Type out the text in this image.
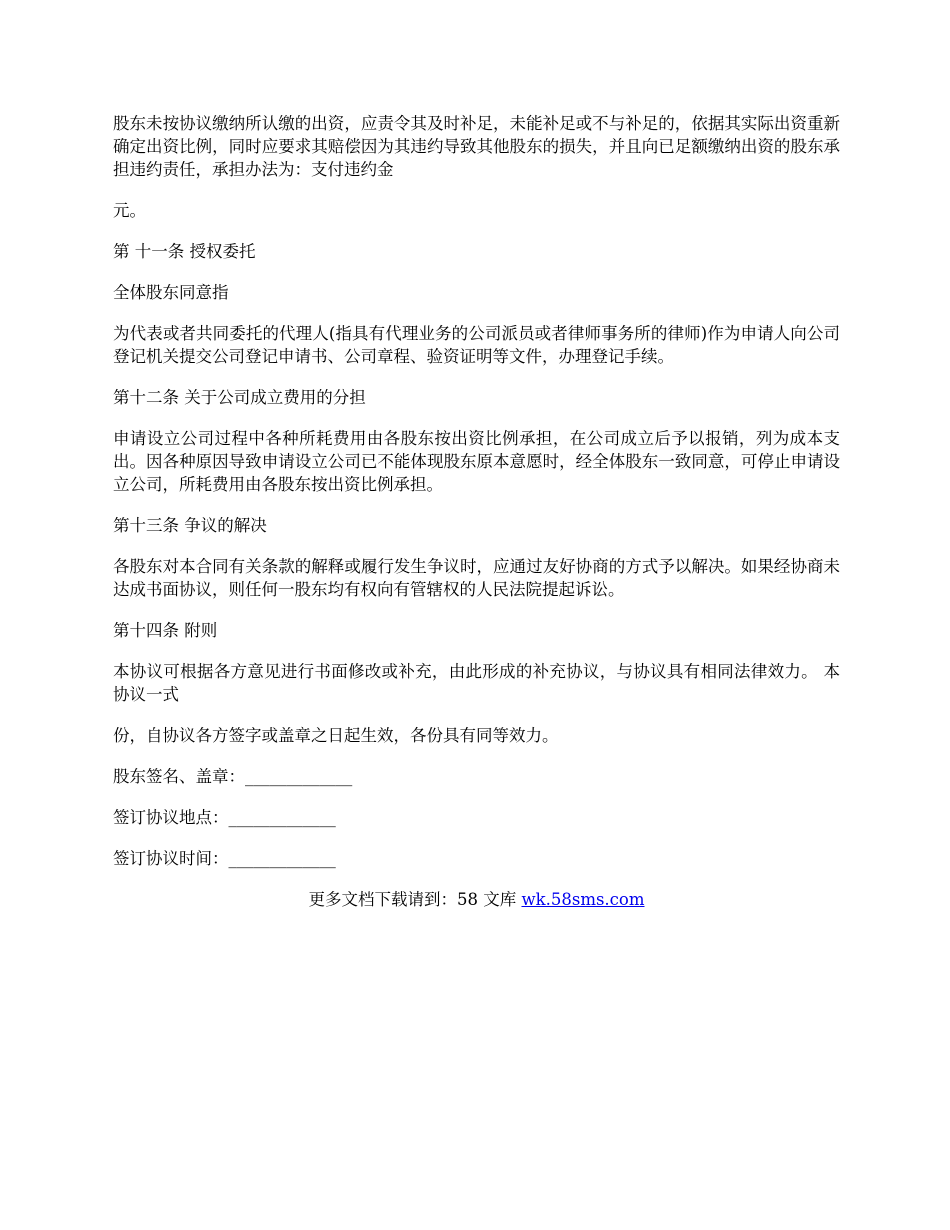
股东未按协议缴纳所认缴的出资，应责令其及时补足，未能补足或不与补足的，依据其实际出资重新确定出资比例，同时应要求其赔偿因为其违约导致其他股东的损失，并且向已足额缴纳出资的股东承担违约责任，承担办法为：支付违约金

元。

第 十一条 授权委托

全体股东同意指

为代表或者共同委托的代理人(指具有代理业务的公司派员或者律师事务所的律师)作为申请人向公司登记机关提交公司登记申请书、公司章程、验资证明等文件，办理登记手续。

第十二条 关于公司成立费用的分担

申请设立公司过程中各种所耗费用由各股东按出资比例承担，在公司成立后予以报销，列为成本支出。因各种原因导致申请设立公司已不能体现股东原本意愿时，经全体股东一致同意，可停止申请设立公司，所耗费用由各股东按出资比例承担。

第十三条 争议的解决

各股东对本合同有关条款的解释或履行发生争议时，应通过友好协商的方式予以解决。如果经协商未达成书面协议，则任何一股东均有权向有管辖权的人民法院提起诉讼。

第十四条 附则

本协议可根据各方意见进行书面修改或补充，由此形成的补充协议，与协议具有相同法律效力。 本协议一式

份，自协议各方签字或盖章之日起生效，各份具有同等效力。

股东签名、盖章：_____________

签订协议地点：_____________

签订协议时间：_____________

更多文档下载请到：58 文库 wk.58sms.com
